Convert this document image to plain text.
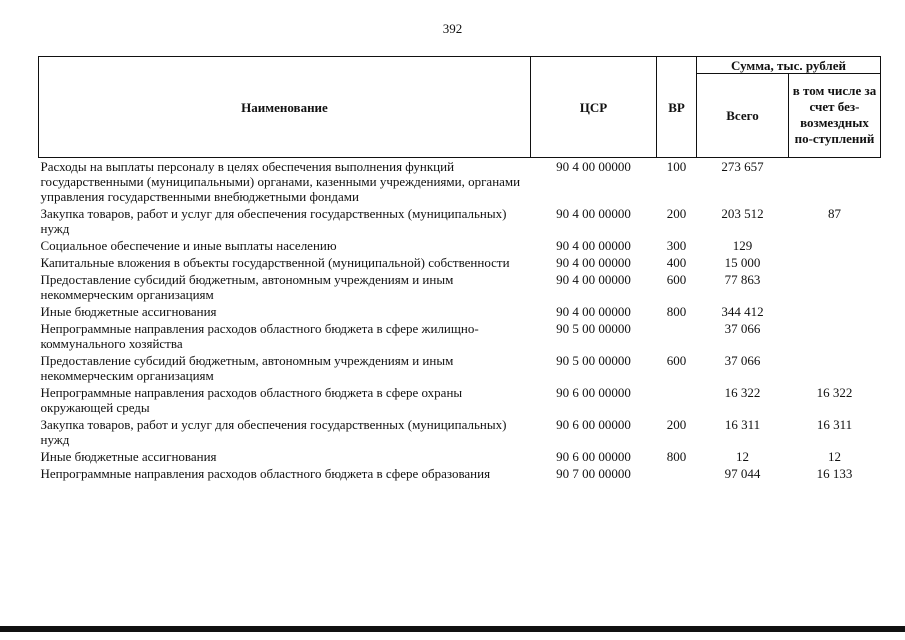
392
Наименование	ЦСР	ВР	Сумма, тыс. рублей	
			Всего	в том числе за счет без-возмездных по-ступлений
Расходы на выплаты персоналу в целях обеспечения выполнения функций государственными (муниципальными) органами, казенными учреждениями, органами управления государственными внебюджетными фондами	90 4 00 00000	100	273 657	
Закупка товаров, работ и услуг для обеспечения государственных (муниципальных) нужд	90 4 00 00000	200	203 512	87
Социальное обеспечение и иные выплаты населению	90 4 00 00000	300	129	
Капитальные вложения в объекты государственной (муниципальной) собственности	90 4 00 00000	400	15 000	
Предоставление субсидий бюджетным, автономным учреждениям и иным некоммерческим организациям	90 4 00 00000	600	77 863	
Иные бюджетные ассигнования	90 4 00 00000	800	344 412	
Непрограммные направления расходов областного бюджета в сфере жилищно-коммунального хозяйства	90 5 00 00000		37 066	
Предоставление субсидий бюджетным, автономным учреждениям и иным некоммерческим организациям	90 5 00 00000	600	37 066	
Непрограммные направления расходов областного бюджета в сфере охраны окружающей среды	90 6 00 00000		16 322	16 322
Закупка товаров, работ и услуг для обеспечения государственных (муниципальных) нужд	90 6 00 00000	200	16 311	16 311
Иные бюджетные ассигнования	90 6 00 00000	800	12	12
Непрограммные направления расходов областного бюджета в сфере образования	90 7 00 00000		97 044	16 133
